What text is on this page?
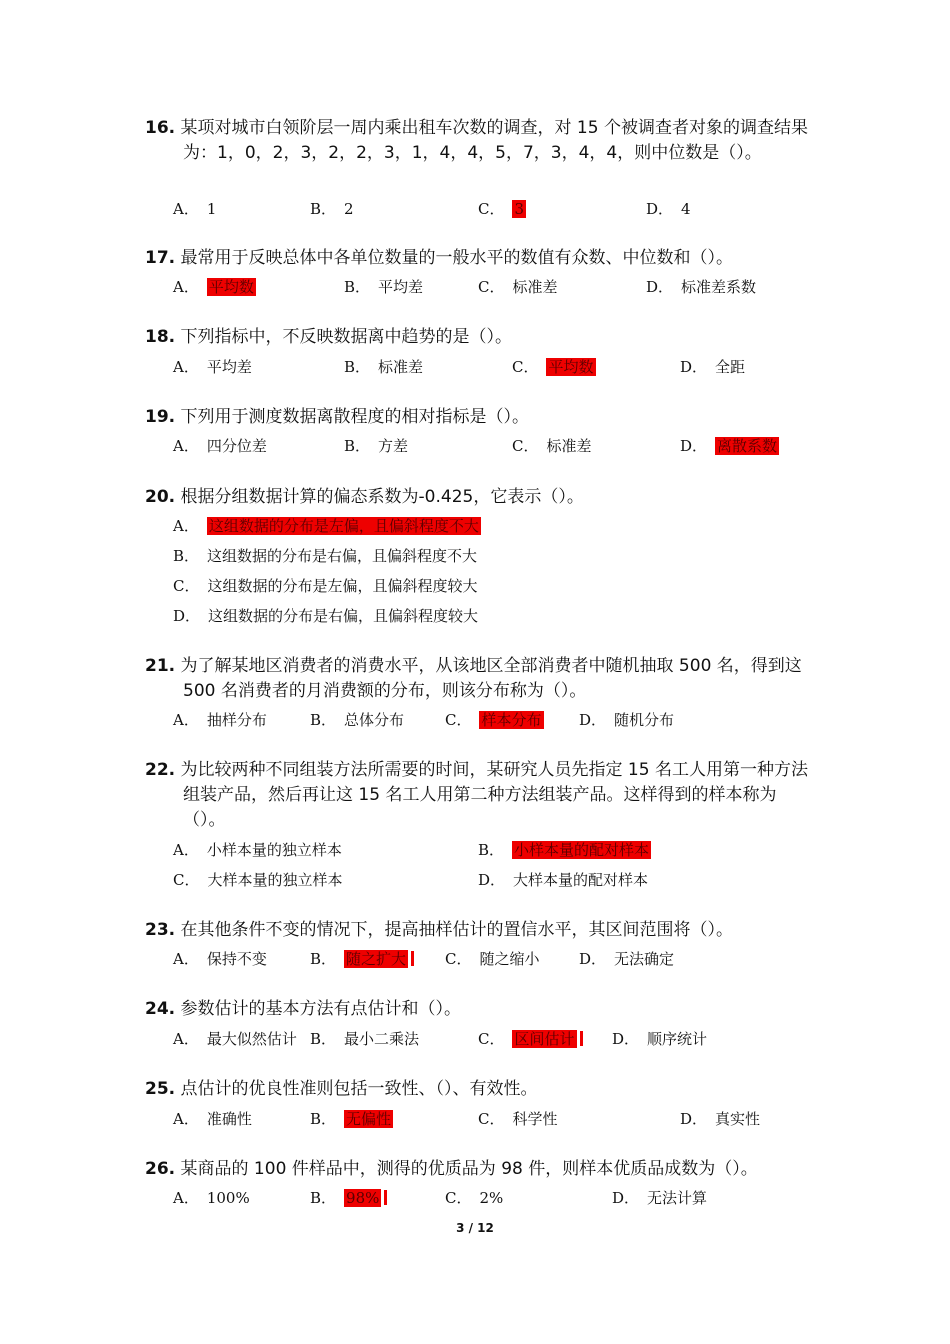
16. 某项对城市白领阶层一周内乘出租车次数的调查，对 15 个被调查者对象的调查结果为：1，0，2，3，2，2，3，1，4，4，5，7，3，4，4，则中位数是（）。
A． 1	B． 2	C． 3	D． 4
17. 最常用于反映总体中各单位数量的一般水平的数值有众数、中位数和（）。
A． 平均数	B． 平均差	C． 标准差	D． 标准差系数
18. 下列指标中，不反映数据离中趋势的是（）。
A． 平均差	B． 标准差	C． 平均数	D． 全距
19. 下列用于测度数据离散程度的相对指标是（）。
A． 四分位差	B． 方差	C． 标准差	D． 离散系数
20. 根据分组数据计算的偏态系数为-0.425，它表示（）。
A． 这组数据的分布是左偏，且偏斜程度不大
B． 这组数据的分布是右偏，且偏斜程度不大
C． 这组数据的分布是左偏，且偏斜程度较大
D． 这组数据的分布是右偏，且偏斜程度较大
21. 为了解某地区消费者的消费水平，从该地区全部消费者中随机抽取 500 名，得到这 500 名消费者的月消费额的分布，则该分布称为（）。
A． 抽样分布	B． 总体分布	C． 样本分布	D． 随机分布
22. 为比较两种不同组装方法所需要的时间，某研究人员先指定 15 名工人用第一种方法组装产品，然后再让这 15 名工人用第二种方法组装产品。这样得到的样本称为（）。
A． 小样本量的独立样本	B． 小样本量的配对样本
C． 大样本量的独立样本	D． 大样本量的配对样本
23. 在其他条件不变的情况下，提高抽样估计的置信水平，其区间范围将（）。
A． 保持不变	B． 随之扩大	C． 随之缩小	D． 无法确定
24. 参数估计的基本方法有点估计和（）。
A． 最大似然估计 B． 最小二乘法	C． 区间估计	D． 顺序统计
25. 点估计的优良性准则包括一致性、（）、有效性。
A． 准确性	B． 无偏性	C． 科学性	D． 真实性
26. 某商品的 100 件样品中，测得的优质品为 98 件，则样本优质品成数为（）。
A． 100%	B． 98%	C． 2%	D． 无法计算
3 / 12
